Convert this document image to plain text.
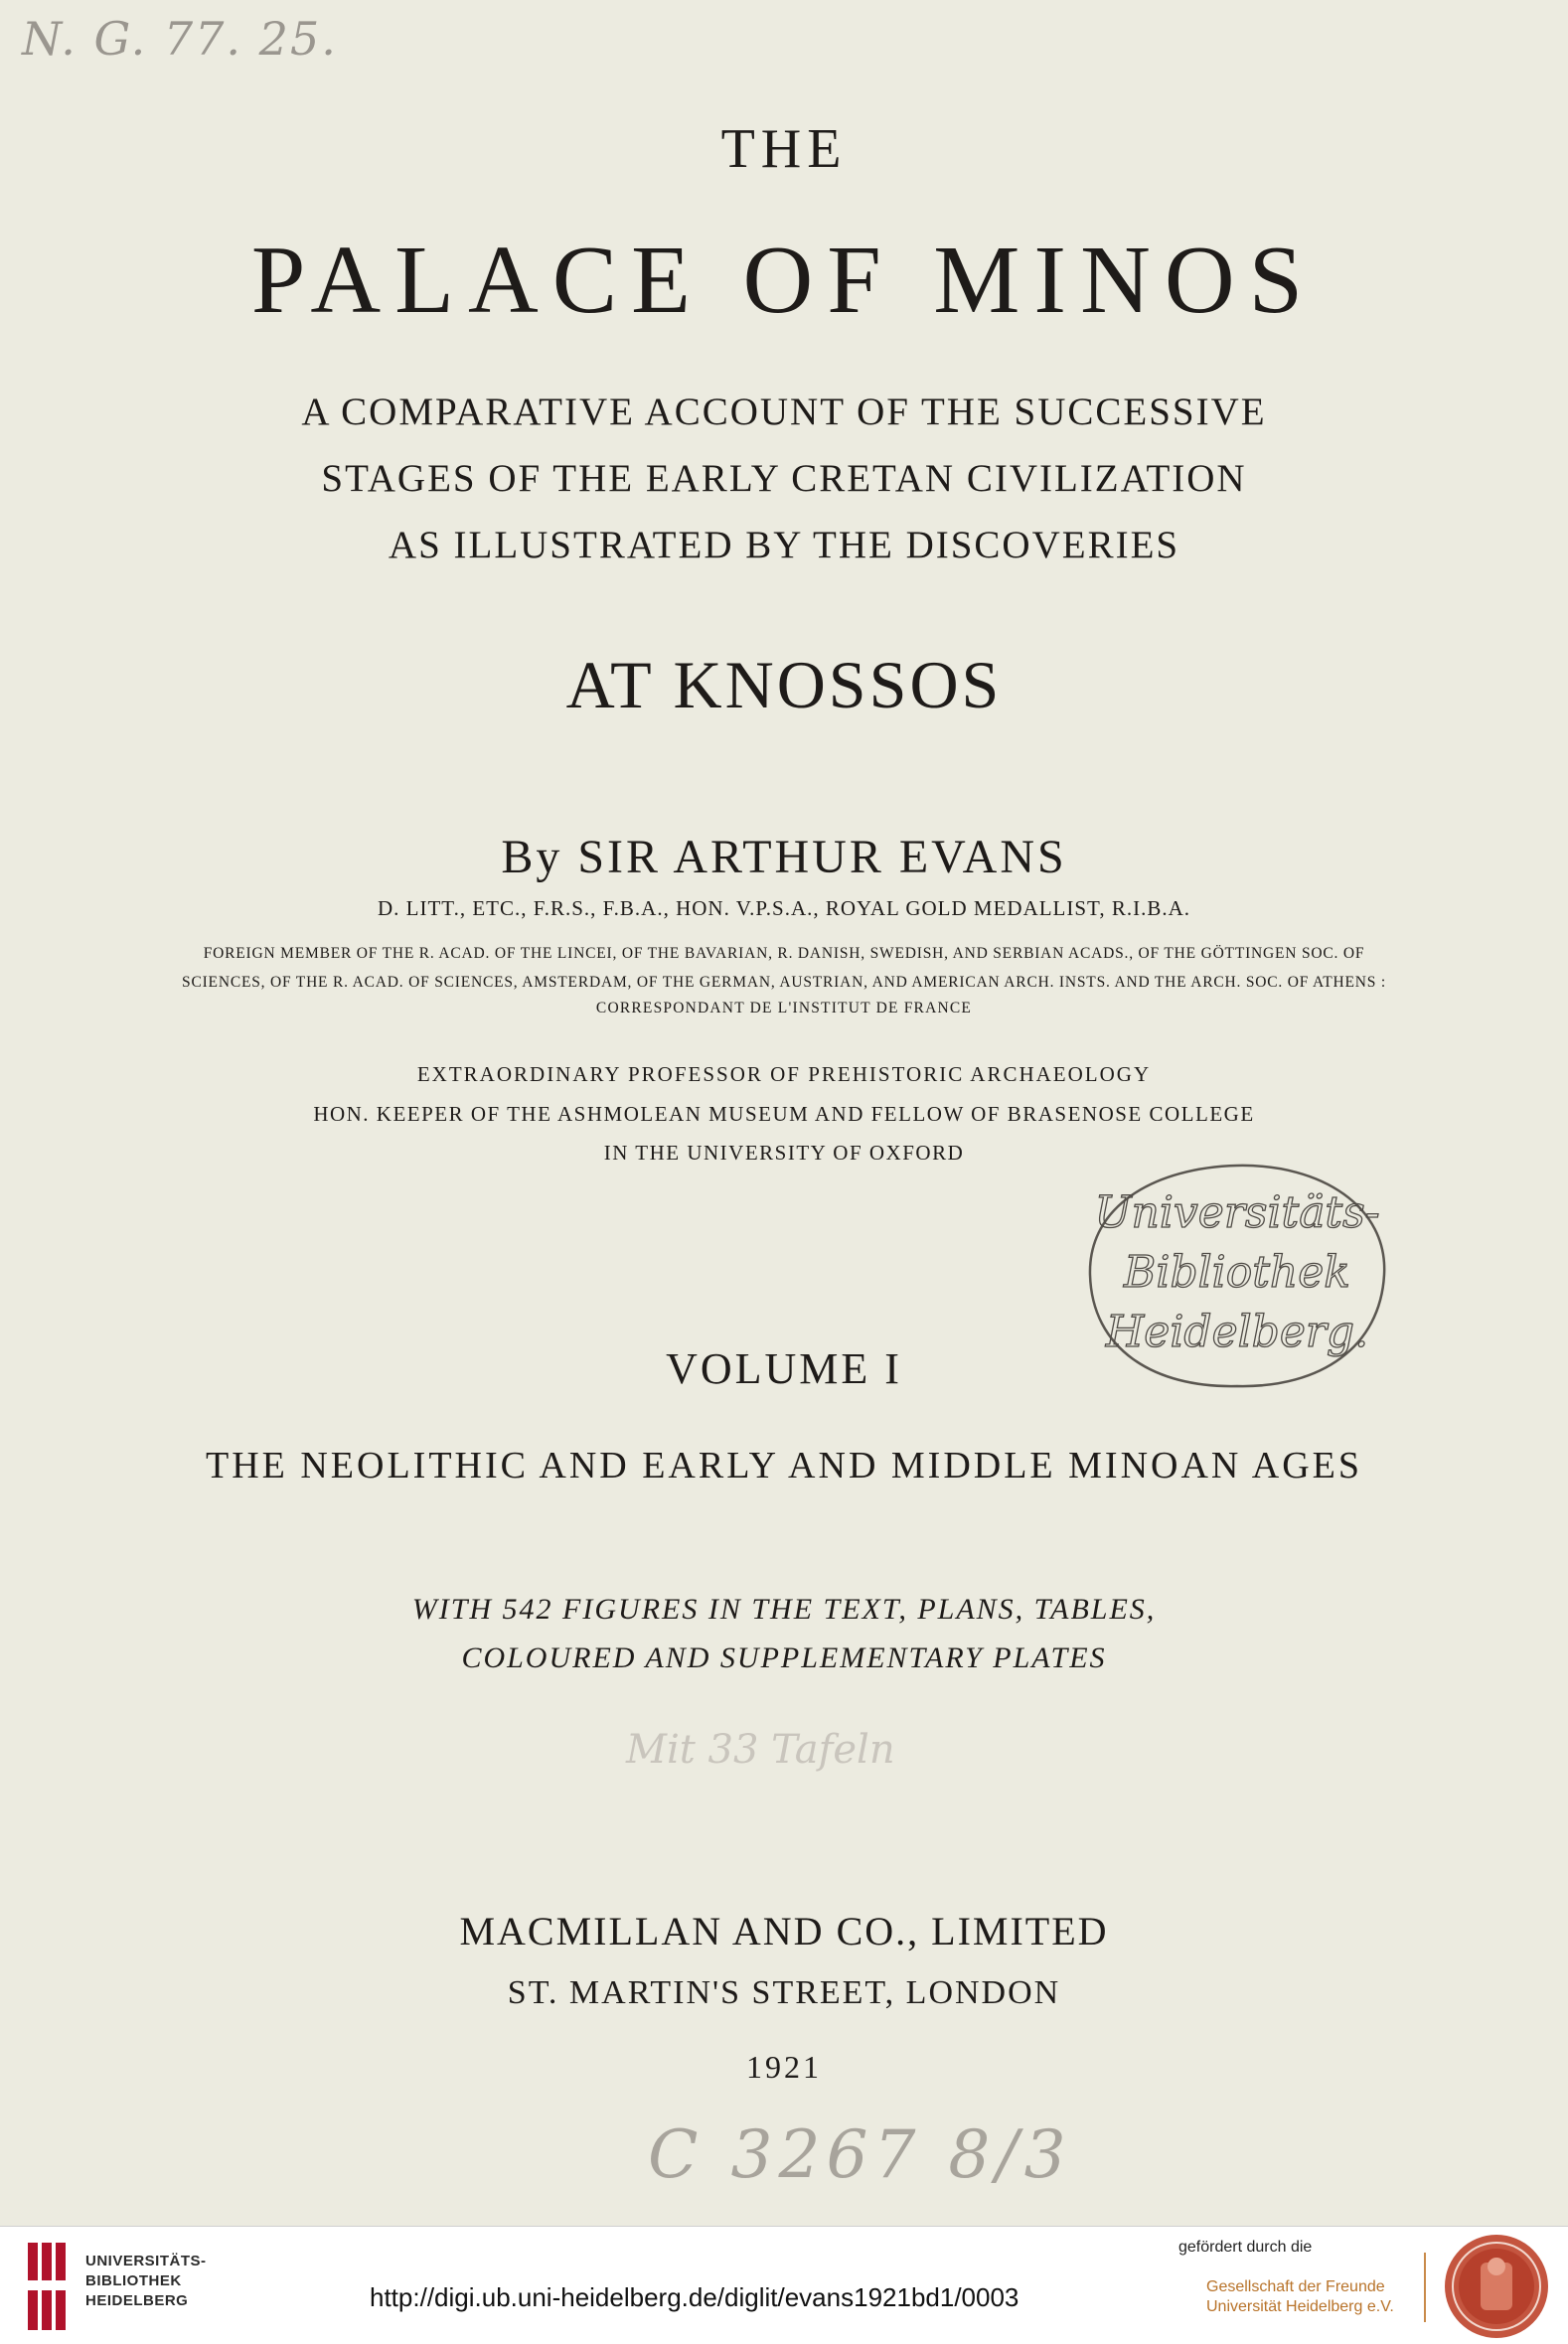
N. G. 77. 25.
THE
PALACE OF MINOS
A COMPARATIVE ACCOUNT OF THE SUCCESSIVE
STAGES OF THE EARLY CRETAN CIVILIZATION
AS ILLUSTRATED BY THE DISCOVERIES
AT KNOSSOS
By SIR ARTHUR EVANS
D. LITT., ETC., F.R.S., F.B.A., HON. V.P.S.A., ROYAL GOLD MEDALLIST, R.I.B.A.
FOREIGN MEMBER OF THE R. ACAD. OF THE LINCEI, OF THE BAVARIAN, R. DANISH, SWEDISH, AND SERBIAN ACADS., OF THE GÖTTINGEN SOC. OF
SCIENCES, OF THE R. ACAD. OF SCIENCES, AMSTERDAM, OF THE GERMAN, AUSTRIAN, AND AMERICAN ARCH. INSTS. AND THE ARCH. SOC. OF ATHENS :
CORRESPONDANT DE L'INSTITUT DE FRANCE
EXTRAORDINARY PROFESSOR OF PREHISTORIC ARCHAEOLOGY
HON. KEEPER OF THE ASHMOLEAN MUSEUM AND FELLOW OF BRASENOSE COLLEGE
IN THE UNIVERSITY OF OXFORD
Universitäts-
Bibliothek
Heidelberg.
VOLUME I
THE NEOLITHIC AND EARLY AND MIDDLE MINOAN AGES
WITH 542 FIGURES IN THE TEXT, PLANS, TABLES,
COLOURED AND SUPPLEMENTARY PLATES
Mit 33 Tafeln
MACMILLAN AND CO., LIMITED
ST. MARTIN'S STREET, LONDON
1921
C 3267 8/3
UNIVERSITÄTS-
BIBLIOTHEK
HEIDELBERG	http://digi.ub.uni-heidelberg.de/diglit/evans1921bd1/0003
gefördert durch die
Gesellschaft der Freunde
Universität Heidelberg e.V.
